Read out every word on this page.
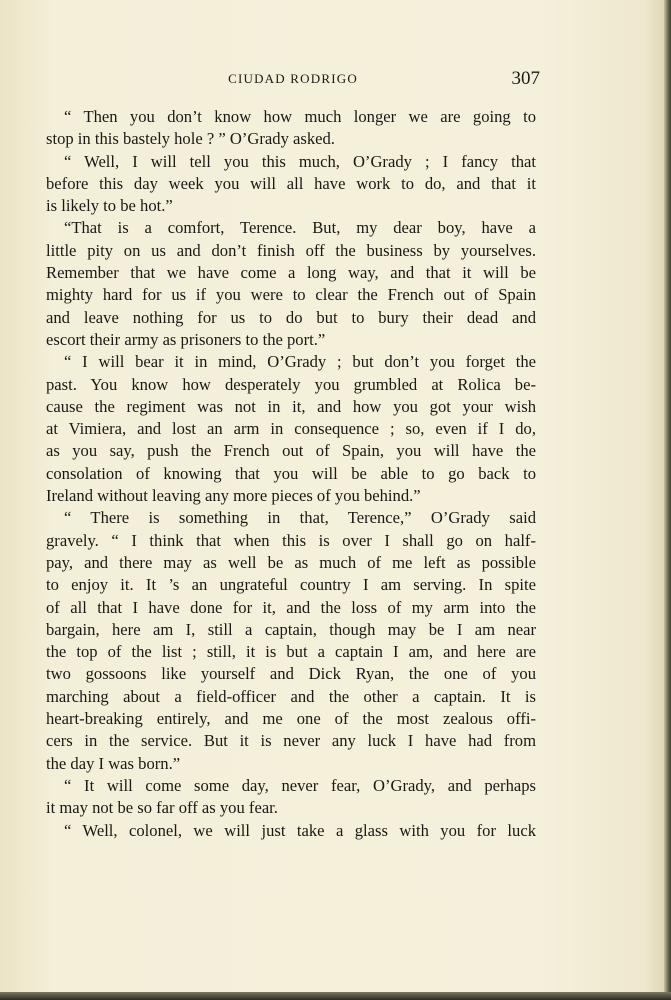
CIUDAD RODRIGO	307
“ Then you don’t know how much longer we are going to
stop in this bastely hole ? ” O’Grady asked.
“ Well, I will tell you this much, O’Grady ; I fancy that
before this day week you will all have work to do, and that it
is likely to be hot.”
“That is a comfort, Terence. But, my dear boy, have a
little pity on us and don’t finish off the business by yourselves.
Remember that we have come a long way, and that it will be
mighty hard for us if you were to clear the French out of Spain
and leave nothing for us to do but to bury their dead and
escort their army as prisoners to the port.”
“ I will bear it in mind, O’Grady ; but don’t you forget the
past. You know how desperately you grumbled at Rolica be-
cause the regiment was not in it, and how you got your wish
at Vimiera, and lost an arm in consequence ; so, even if I do,
as you say, push the French out of Spain, you will have the
consolation of knowing that you will be able to go back to
Ireland without leaving any more pieces of you behind.”
“ There is something in that, Terence,” O’Grady said
gravely. “ I think that when this is over I shall go on half-
pay, and there may as well be as much of me left as possible
to enjoy it. It ’s an ungrateful country I am serving. In spite
of all that I have done for it, and the loss of my arm into the
bargain, here am I, still a captain, though may be I am near
the top of the list ; still, it is but a captain I am, and here are
two gossoons like yourself and Dick Ryan, the one of you
marching about a field-officer and the other a captain. It is
heart-breaking entirely, and me one of the most zealous offi-
cers in the service. But it is never any luck I have had from
the day I was born.”
“ It will come some day, never fear, O’Grady, and perhaps
it may not be so far off as you fear.
“ Well, colonel, we will just take a glass with you for luck
